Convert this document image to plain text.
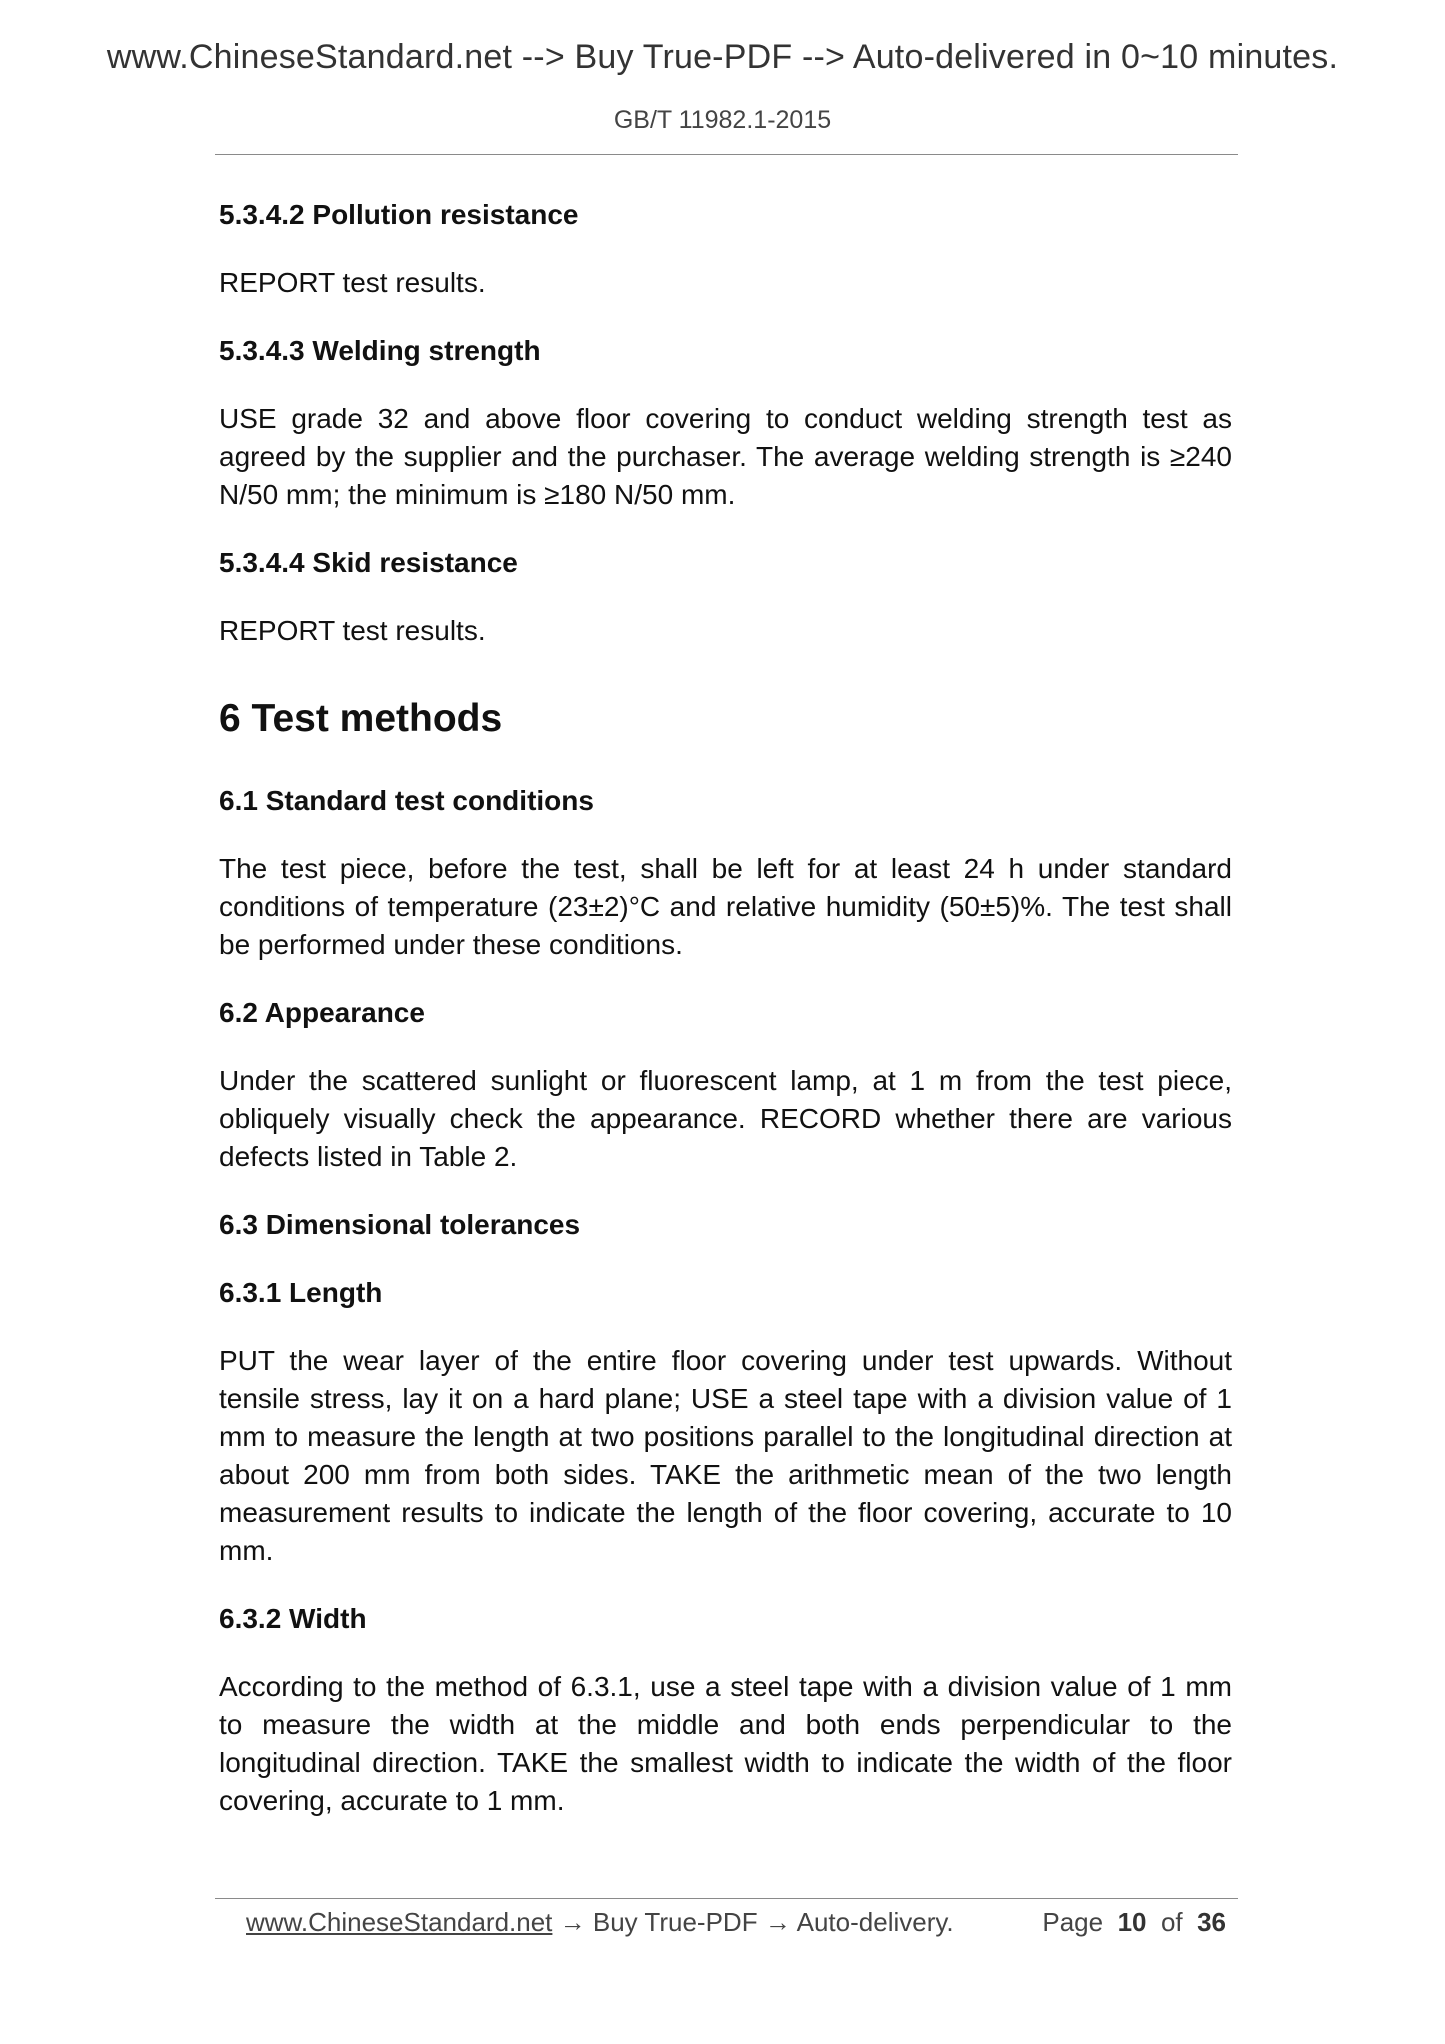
www.ChineseStandard.net --> Buy True-PDF --> Auto-delivered in 0~10 minutes.
GB/T 11982.1-2015
5.3.4.2 Pollution resistance
REPORT test results.
5.3.4.3 Welding strength
USE grade 32 and above floor covering to conduct welding strength test as agreed by the supplier and the purchaser. The average welding strength is ≥240 N/50 mm; the minimum is ≥180 N/50 mm.
5.3.4.4 Skid resistance
REPORT test results.
6 Test methods
6.1 Standard test conditions
The test piece, before the test, shall be left for at least 24 h under standard conditions of temperature (23±2)°C and relative humidity (50±5)%. The test shall be performed under these conditions.
6.2 Appearance
Under the scattered sunlight or fluorescent lamp, at 1 m from the test piece, obliquely visually check the appearance. RECORD whether there are various defects listed in Table 2.
6.3 Dimensional tolerances
6.3.1 Length
PUT the wear layer of the entire floor covering under test upwards. Without tensile stress, lay it on a hard plane; USE a steel tape with a division value of 1 mm to measure the length at two positions parallel to the longitudinal direction at about 200 mm from both sides. TAKE the arithmetic mean of the two length measurement results to indicate the length of the floor covering, accurate to 10 mm.
6.3.2 Width
According to the method of 6.3.1, use a steel tape with a division value of 1 mm to measure the width at the middle and both ends perpendicular to the longitudinal direction. TAKE the smallest width to indicate the width of the floor covering, accurate to 1 mm.
www.ChineseStandard.net → Buy True-PDF → Auto-delivery.	Page 10 of 36
